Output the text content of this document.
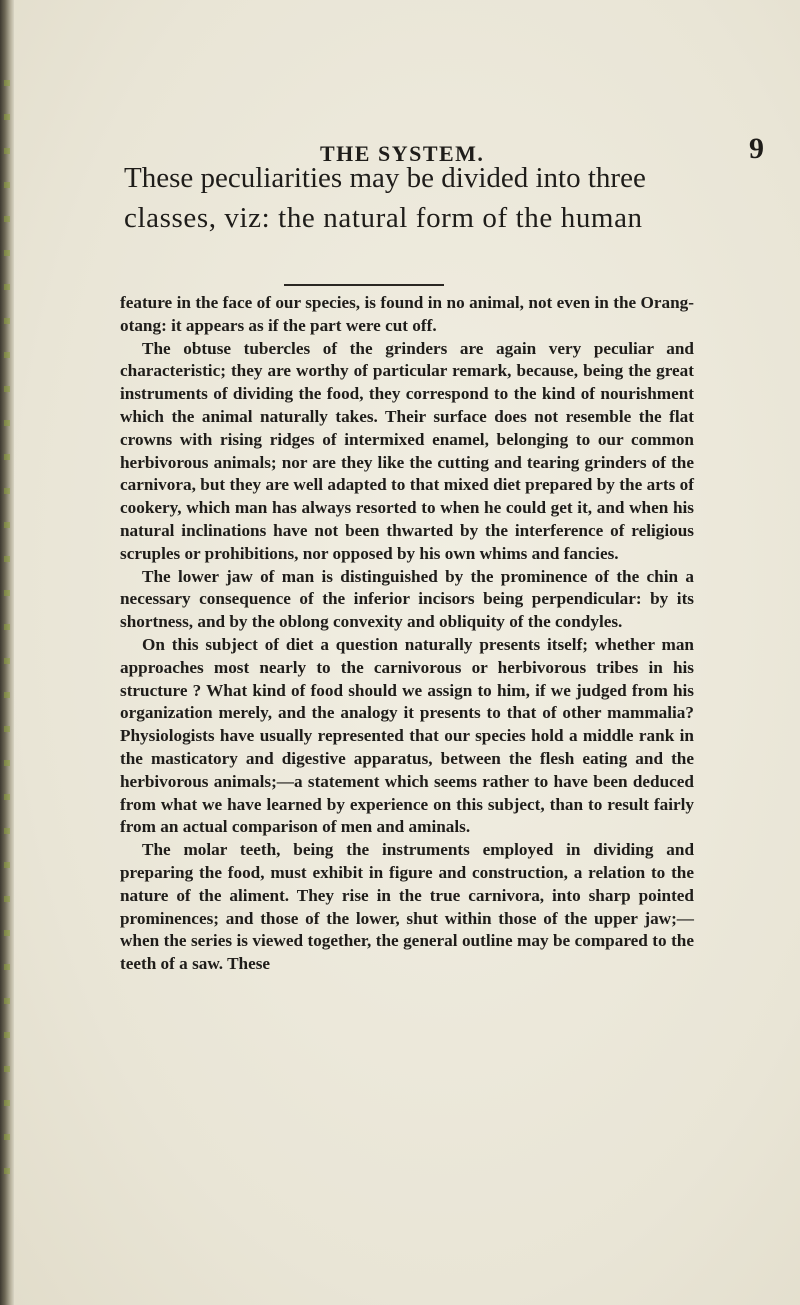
THE SYSTEM.	9
These peculiarities may be divided into three
classes, viz: the natural form of the human

feature in the face of our species, is found in no animal, not even in the Orang-otang: it appears as if the part were cut off.

The obtuse tubercles of the grinders are again very peculiar and characteristic; they are worthy of particular remark, because, being the great instruments of dividing the food, they correspond to the kind of nourishment which the animal naturally takes. Their surface does not resemble the flat crowns with rising ridges of intermixed enamel, belonging to our common herbivorous animals; nor are they like the cutting and tearing grinders of the carnivora, but they are well adapted to that mixed diet prepared by the arts of cookery, which man has always resorted to when he could get it, and when his natural inclinations have not been thwarted by the interference of religious scruples or prohibitions, nor opposed by his own whims and fancies.

The lower jaw of man is distinguished by the prominence of the chin a necessary consequence of the inferior incisors being perpendicular: by its shortness, and by the oblong convexity and obliquity of the condyles.

On this subject of diet a question naturally presents itself; whether man approaches most nearly to the carnivorous or herbivorous tribes in his structure ? What kind of food should we assign to him, if we judged from his organization merely, and the analogy it presents to that of other mammalia? Physiologists have usually represented that our species hold a middle rank in the masticatory and digestive apparatus, between the flesh eating and the herbivorous animals;—a statement which seems rather to have been deduced from what we have learned by experience on this subject, than to result fairly from an actual comparison of men and aminals.

The molar teeth, being the instruments employed in dividing and preparing the food, must exhibit in figure and construction, a relation to the nature of the aliment. They rise in the true carnivora, into sharp pointed prominences; and those of the lower, shut within those of the upper jaw;—when the series is viewed together, the general outline may be compared to the teeth of a saw. These
